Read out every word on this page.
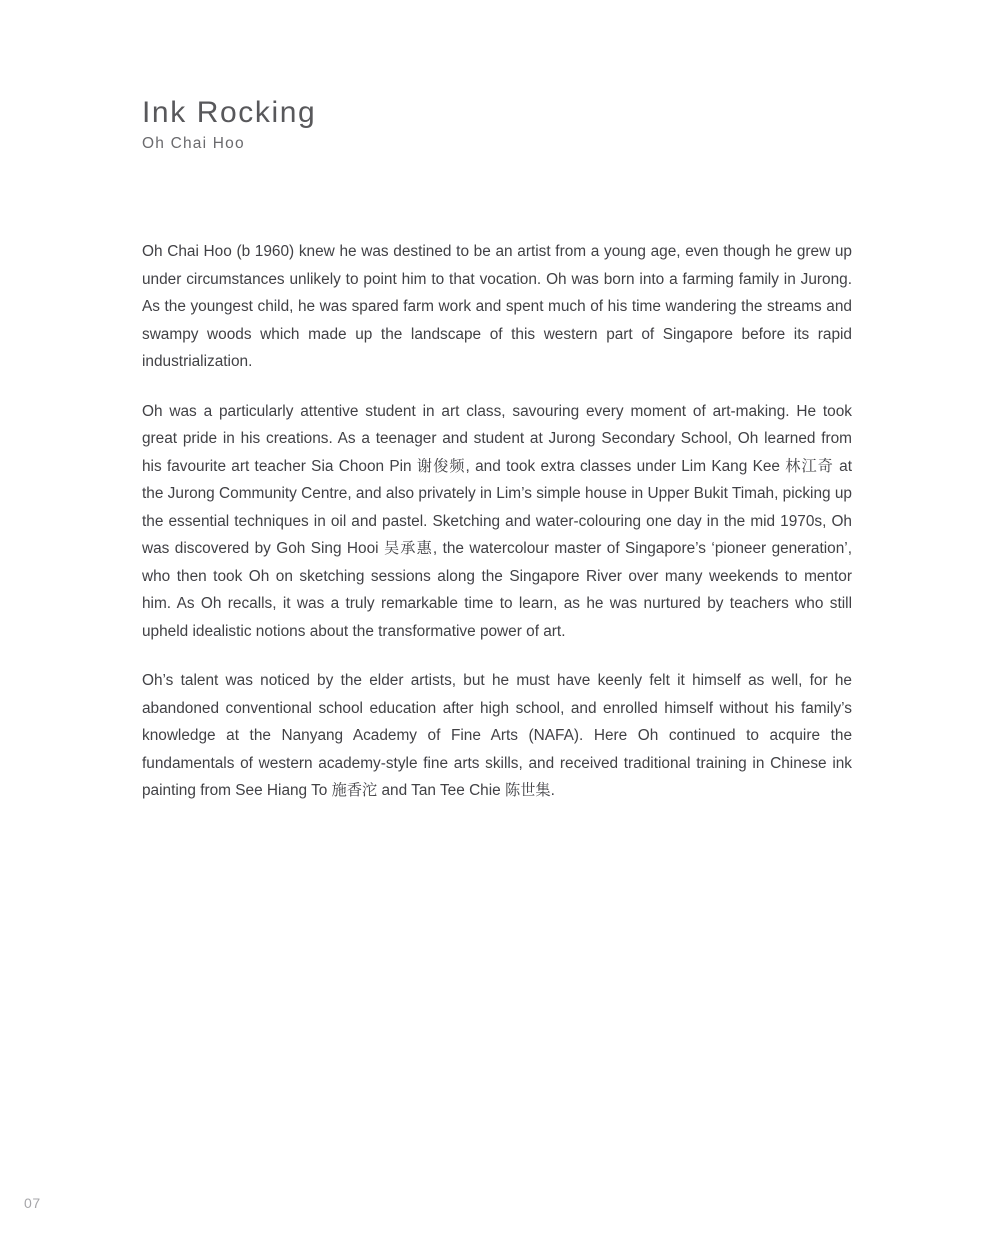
Ink Rocking
Oh Chai Hoo

Oh Chai Hoo (b 1960) knew he was destined to be an artist from a young age, even though he grew up under circumstances unlikely to point him to that vocation. Oh was born into a farming family in Jurong. As the youngest child, he was spared farm work and spent much of his time wandering the streams and swampy woods which made up the landscape of this western part of Singapore before its rapid industrialization.

Oh was a particularly attentive student in art class, savouring every moment of art-making. He took great pride in his creations. As a teenager and student at Jurong Secondary School, Oh learned from his favourite art teacher Sia Choon Pin 谢俊频, and took extra classes under Lim Kang Kee 林江奇 at the Jurong Community Centre, and also privately in Lim’s simple house in Upper Bukit Timah, picking up the essential techniques in oil and pastel. Sketching and water-colouring one day in the mid 1970s, Oh was discovered by Goh Sing Hooi 吴承惠, the watercolour master of Singapore’s ‘pioneer generation’, who then took Oh on sketching sessions along the Singapore River over many weekends to mentor him. As Oh recalls, it was a truly remarkable time to learn, as he was nurtured by teachers who still upheld idealistic notions about the transformative power of art.

Oh’s talent was noticed by the elder artists, but he must have keenly felt it himself as well, for he abandoned conventional school education after high school, and enrolled himself without his family’s knowledge at the Nanyang Academy of Fine Arts (NAFA). Here Oh continued to acquire the fundamentals of western academy-style fine arts skills, and received traditional training in Chinese ink painting from See Hiang To 施香沱 and Tan Tee Chie 陈世集.

07
